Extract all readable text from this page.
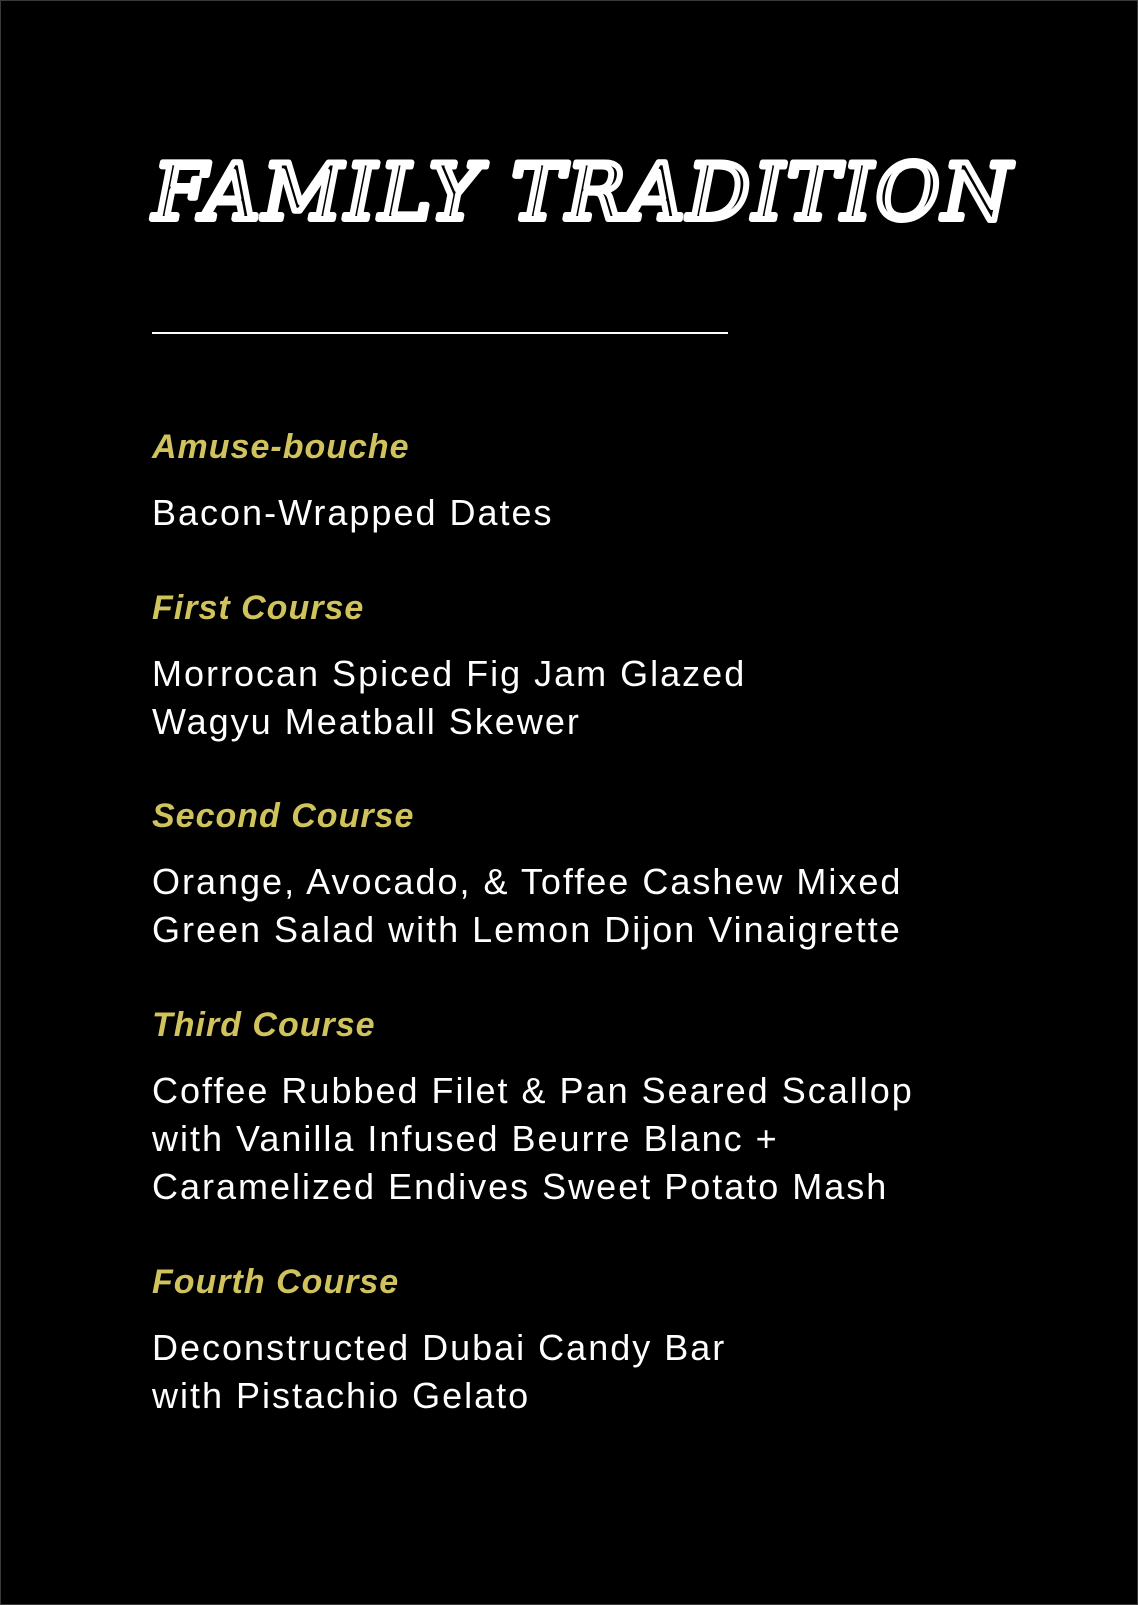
FAMILY TRADITION

Amuse-bouche

Bacon-Wrapped Dates

First Course

Morrocan Spiced Fig Jam Glazed
Wagyu Meatball Skewer

Second Course

Orange, Avocado, & Toffee Cashew Mixed
Green Salad with Lemon Dijon Vinaigrette

Third Course

Coffee Rubbed Filet & Pan Seared Scallop
with Vanilla Infused Beurre Blanc +
Caramelized Endives Sweet Potato Mash

Fourth Course

Deconstructed Dubai Candy Bar
with Pistachio Gelato
